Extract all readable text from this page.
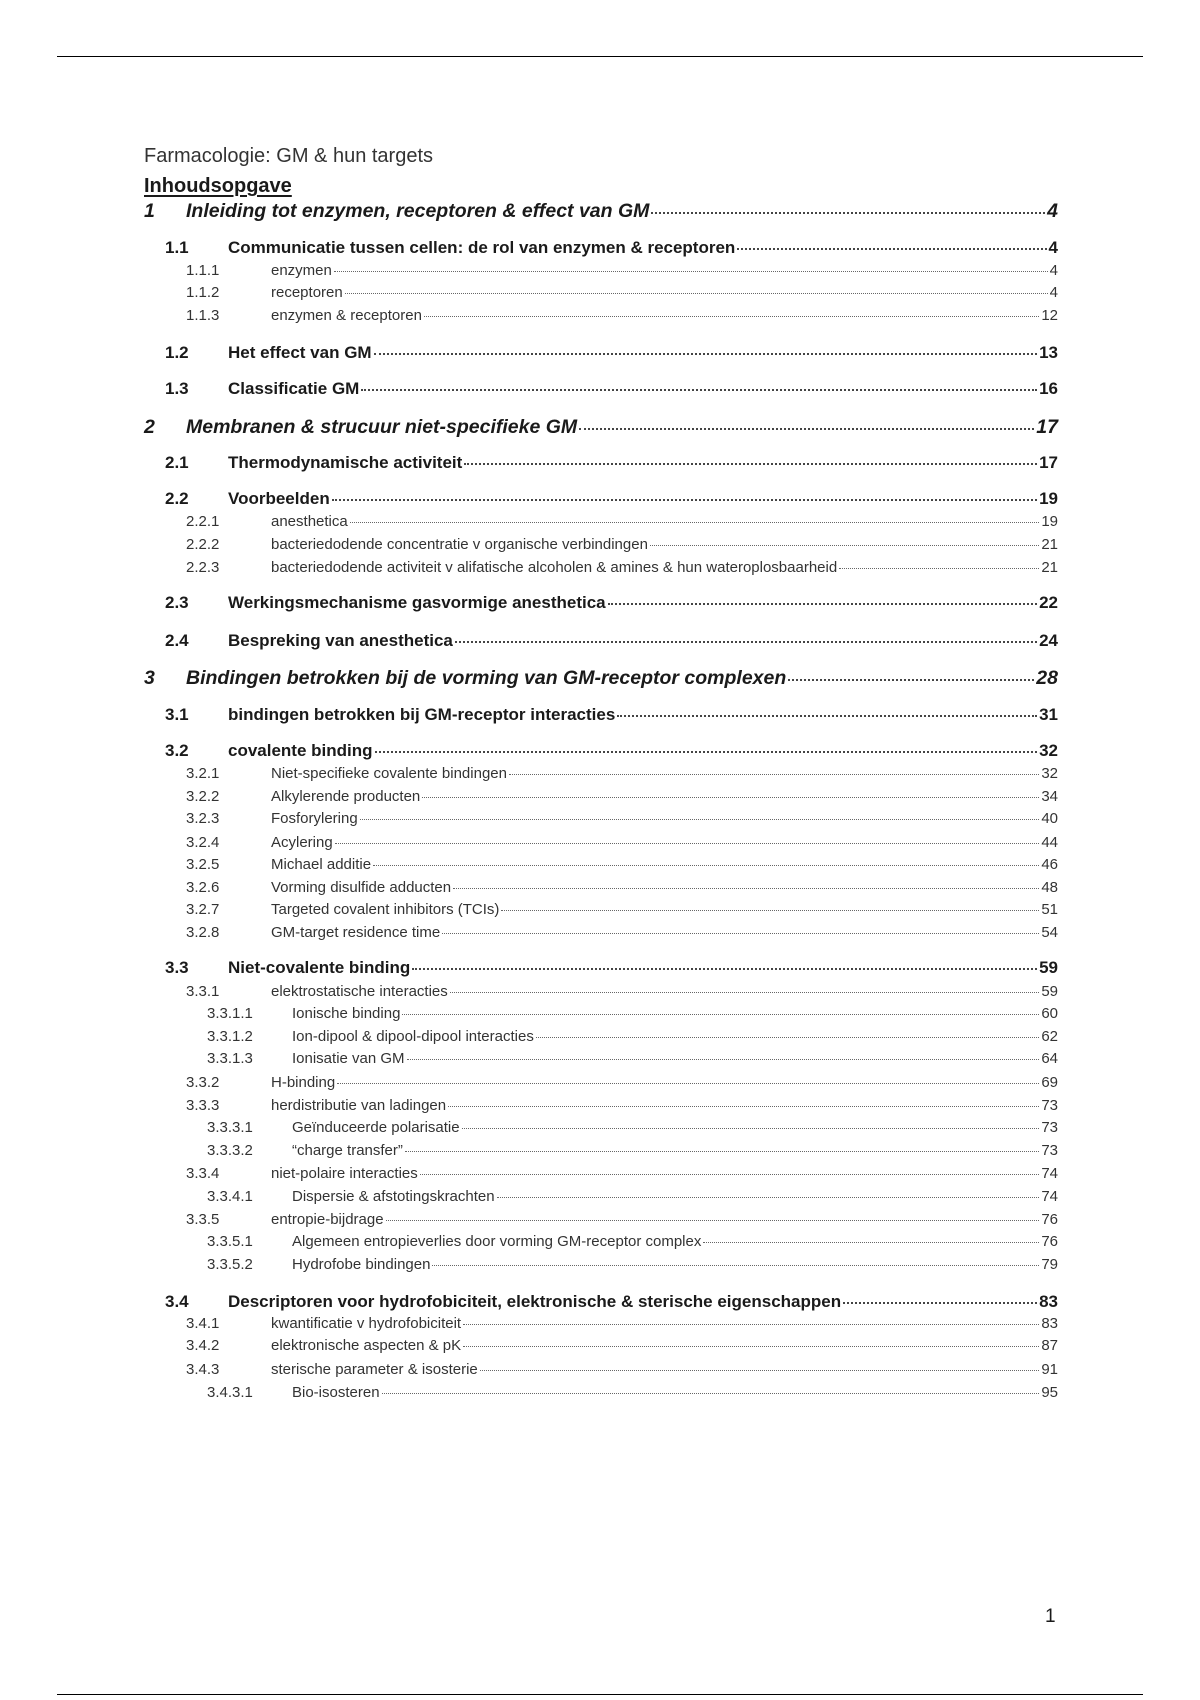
Farmacologie: GM & hun targets
Inhoudsopgave
1	Inleiding tot enzymen, receptoren & effect van GM	4
1.1	Communicatie tussen cellen: de rol van enzymen & receptoren	4
1.1.1	enzymen	4
1.1.2	receptoren	4
1.1.3	enzymen & receptoren	12
1.2	Het effect van GM	13
1.3	Classificatie GM	16
2	Membranen & strucuur niet-specifieke GM	17
2.1	Thermodynamische activiteit	17
2.2	Voorbeelden	19
2.2.1	anesthetica	19
2.2.2	bacteriedodende concentratie v organische verbindingen	21
2.2.3	bacteriedodende activiteit v alifatische alcoholen & amines & hun wateroplosbaarheid	21
2.3	Werkingsmechanisme gasvormige anesthetica	22
2.4	Bespreking van anesthetica	24
3	Bindingen betrokken bij de vorming van GM-receptor complexen	28
3.1	bindingen betrokken bij GM-receptor interacties	31
3.2	covalente binding	32
3.2.1	Niet-specifieke covalente bindingen	32
3.2.2	Alkylerende producten	34
3.2.3	Fosforylering	40
3.2.4	Acylering	44
3.2.5	Michael additie	46
3.2.6	Vorming disulfide adducten	48
3.2.7	Targeted covalent inhibitors (TCIs)	51
3.2.8	GM-target residence time	54
3.3	Niet-covalente binding	59
3.3.1	elektrostatische interacties	59
3.3.1.1	Ionische binding	60
3.3.1.2	Ion-dipool & dipool-dipool interacties	62
3.3.1.3	Ionisatie van GM	64
3.3.2	H-binding	69
3.3.3	herdistributie van ladingen	73
3.3.3.1	Geïnduceerde polarisatie	73
3.3.3.2	“charge transfer”	73
3.3.4	niet-polaire interacties	74
3.3.4.1	Dispersie & afstotingskrachten	74
3.3.5	entropie-bijdrage	76
3.3.5.1	Algemeen entropieverlies door vorming GM-receptor complex	76
3.3.5.2	Hydrofobe bindingen	79
3.4	Descriptoren voor hydrofobiciteit, elektronische & sterische eigenschappen	83
3.4.1	kwantificatie v hydrofobiciteit	83
3.4.2	elektronische aspecten & pK	87
3.4.3	sterische parameter & isosterie	91
3.4.3.1	Bio-isosteren	95
1
